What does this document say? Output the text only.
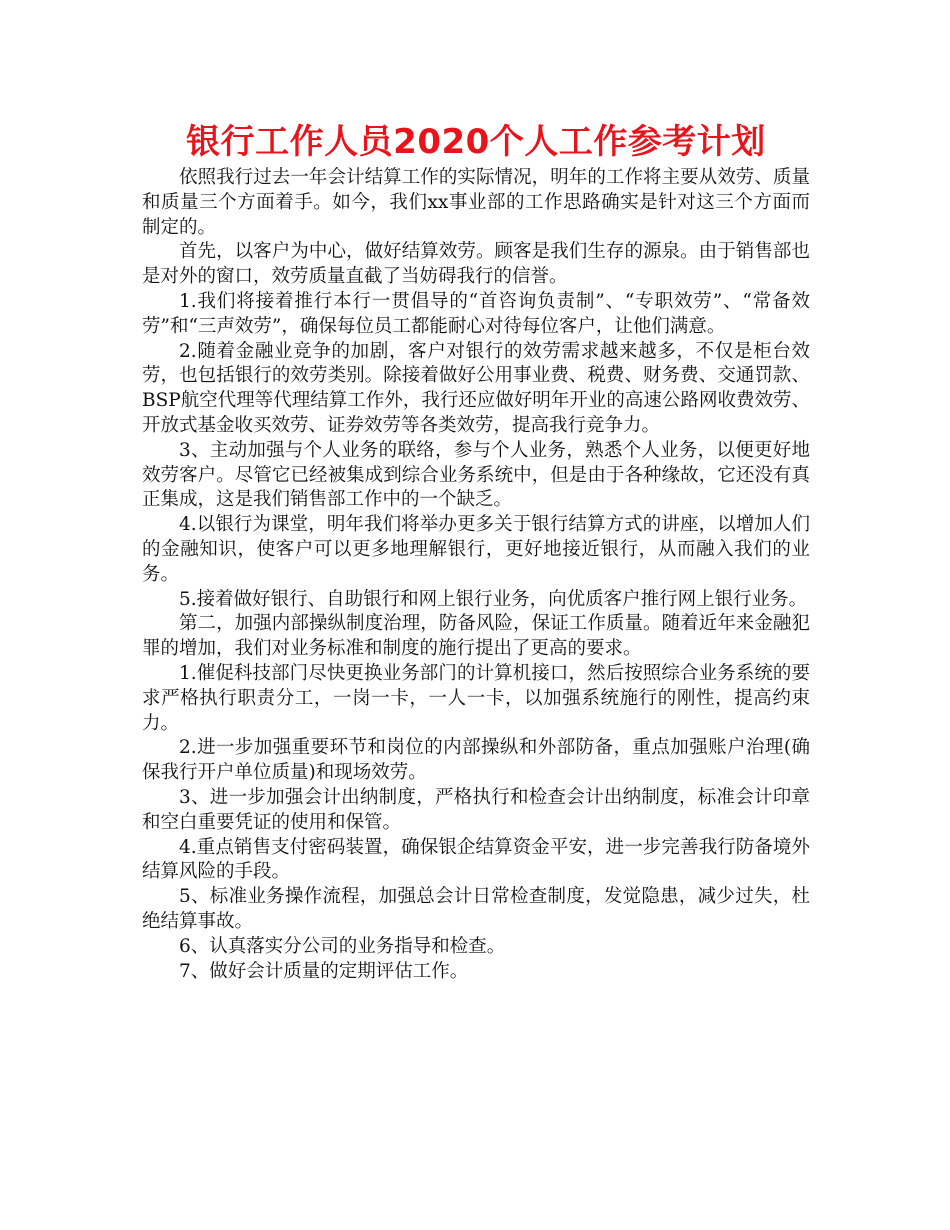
银行工作人员2020个人工作参考计划

依照我行过去一年会计结算工作的实际情况，明年的工作将主要从效劳、质量和质量三个方面着手。如今，我们xx事业部的工作思路确实是针对这三个方面而制定的。

首先，以客户为中心，做好结算效劳。顾客是我们生存的源泉。由于销售部也是对外的窗口，效劳质量直截了当妨碍我行的信誉。

1.我们将接着推行本行一贯倡导的“首咨询负责制”、“专职效劳”、“常备效劳”和“三声效劳”，确保每位员工都能耐心对待每位客户，让他们满意。

2.随着金融业竞争的加剧，客户对银行的效劳需求越来越多，不仅是柜台效劳，也包括银行的效劳类别。除接着做好公用事业费、税费、财务费、交通罚款、BSP航空代理等代理结算工作外，我行还应做好明年开业的高速公路网收费效劳、开放式基金收买效劳、证券效劳等各类效劳，提高我行竞争力。

3、主动加强与个人业务的联络，参与个人业务，熟悉个人业务，以便更好地效劳客户。尽管它已经被集成到综合业务系统中，但是由于各种缘故，它还没有真正集成，这是我们销售部工作中的一个缺乏。

4.以银行为课堂，明年我们将举办更多关于银行结算方式的讲座，以增加人们的金融知识，使客户可以更多地理解银行，更好地接近银行，从而融入我们的业务。

5.接着做好银行、自助银行和网上银行业务，向优质客户推行网上银行业务。

第二，加强内部操纵制度治理，防备风险，保证工作质量。随着近年来金融犯罪的增加，我们对业务标准和制度的施行提出了更高的要求。

1.催促科技部门尽快更换业务部门的计算机接口，然后按照综合业务系统的要求严格执行职责分工，一岗一卡，一人一卡，以加强系统施行的刚性，提高约束力。

2.进一步加强重要环节和岗位的内部操纵和外部防备，重点加强账户治理(确保我行开户单位质量)和现场效劳。

3、进一步加强会计出纳制度，严格执行和检查会计出纳制度，标准会计印章和空白重要凭证的使用和保管。

4.重点销售支付密码装置，确保银企结算资金平安，进一步完善我行防备境外结算风险的手段。

5、标准业务操作流程，加强总会计日常检查制度，发觉隐患，减少过失，杜绝结算事故。

6、认真落实分公司的业务指导和检查。

7、做好会计质量的定期评估工作。
